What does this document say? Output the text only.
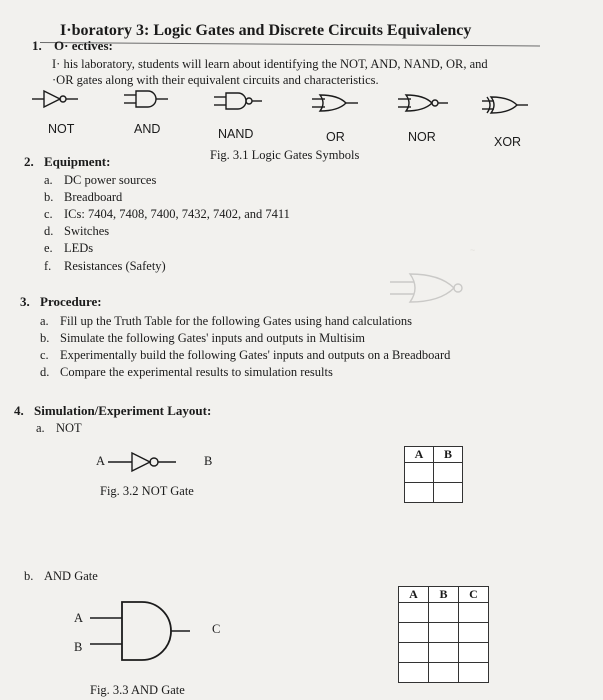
I·boratory 3: Logic Gates and Discrete Circuits Equivalency
1. O· ectives:
I· his laboratory, students will learn about identifying the NOT, AND, NAND, OR, and
·OR gates along with their equivalent circuits and characteristics.
NOT	AND	NAND	OR	NOR	XOR
Fig. 3.1 Logic Gates Symbols
2. Equipment:
a. DC power sources
b. Breadboard
c. ICs: 7404, 7408, 7400, 7432, 7402, and 7411
d. Switches
e. LEDs
f. Resistances (Safety)
~
3. Procedure:
a. Fill up the Truth Table for the following Gates using hand calculations
b. Simulate the following Gates' inputs and outputs in Multisim
c. Experimentally build the following Gates' inputs and outputs on a Breadboard
d. Compare the experimental results to simulation results
4. Simulation/Experiment Layout:
a. NOT
A	B
Fig. 3.2 NOT Gate
A	B

b. AND Gate
A
B
C
Fig. 3.3 AND Gate
A	B	C
